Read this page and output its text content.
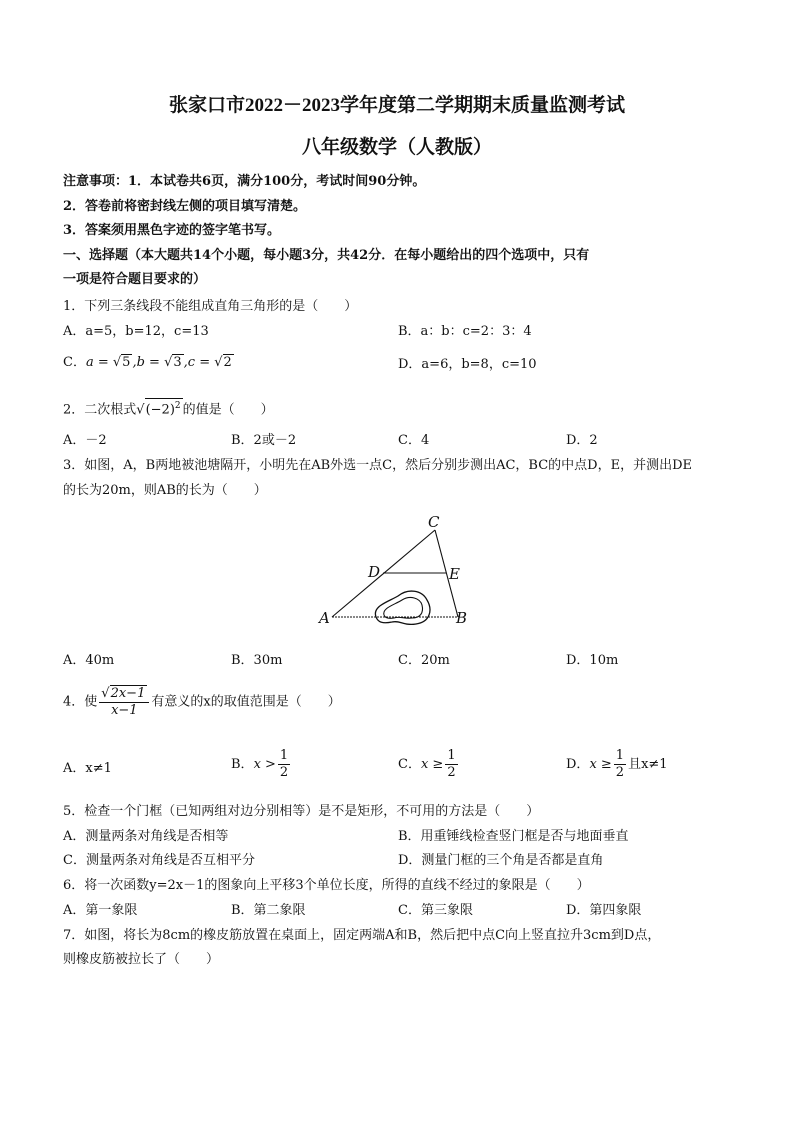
张家口市2022－2023学年度第二学期期末质量监测考试
八年级数学（人教版）
注意事项：1．本试卷共6页，满分100分，考试时间90分钟。
2．答卷前将密封线左侧的项目填写清楚。
3．答案须用黑色字迹的签字笔书写。
一、选择题（本大题共14个小题，每小题3分，共42分．在每小题给出的四个选项中，只有
一项是符合题目要求的）
1．下列三条线段不能组成直角三角形的是（　　）
A．a=5，b=12，c=13	B．a：b：c=2：3：4
C．a = √5 ,b = √3 ,c = √2	D．a=6，b=8，c=10
2．二次根式$√(-2)^2$ 的值是（　　）
A．－2	B．2或－2	C．4	D．2
3．如图，A，B两地被池塘隔开，小明先在AB外选一点C，然后分别步测出AC，BC的中点D，E，并测出DE
的长为20m，则AB的长为（　　）
C
D	E
A	B
A．40m	B．30m	C．20m	D．10m
4．使 $\frac{√2x-1}{x-1}$ 有意义的x的取值范围是（　　）
A．x≠1	B．$x > \frac{1}{2}$	C．$x \ge \frac{1}{2}$	D．$x \ge \frac{1}{2}$ 且x≠1
5．检查一个门框（已知两组对边分别相等）是不是矩形，不可用的方法是（　　）
A．测量两条对角线是否相等	B．用重锤线检查竖门框是否与地面垂直
C．测量两条对角线是否互相平分	D．测量门框的三个角是否都是直角
6．将一次函数y=2x－1的图象向上平移3个单位长度，所得的直线不经过的象限是（　　）
A．第一象限	B．第二象限	C．第三象限	D．第四象限
7．如图，将长为8cm的橡皮筋放置在桌面上，固定两端A和B，然后把中点C向上竖直拉升3cm到D点，
则橡皮筋被拉长了（　　）
